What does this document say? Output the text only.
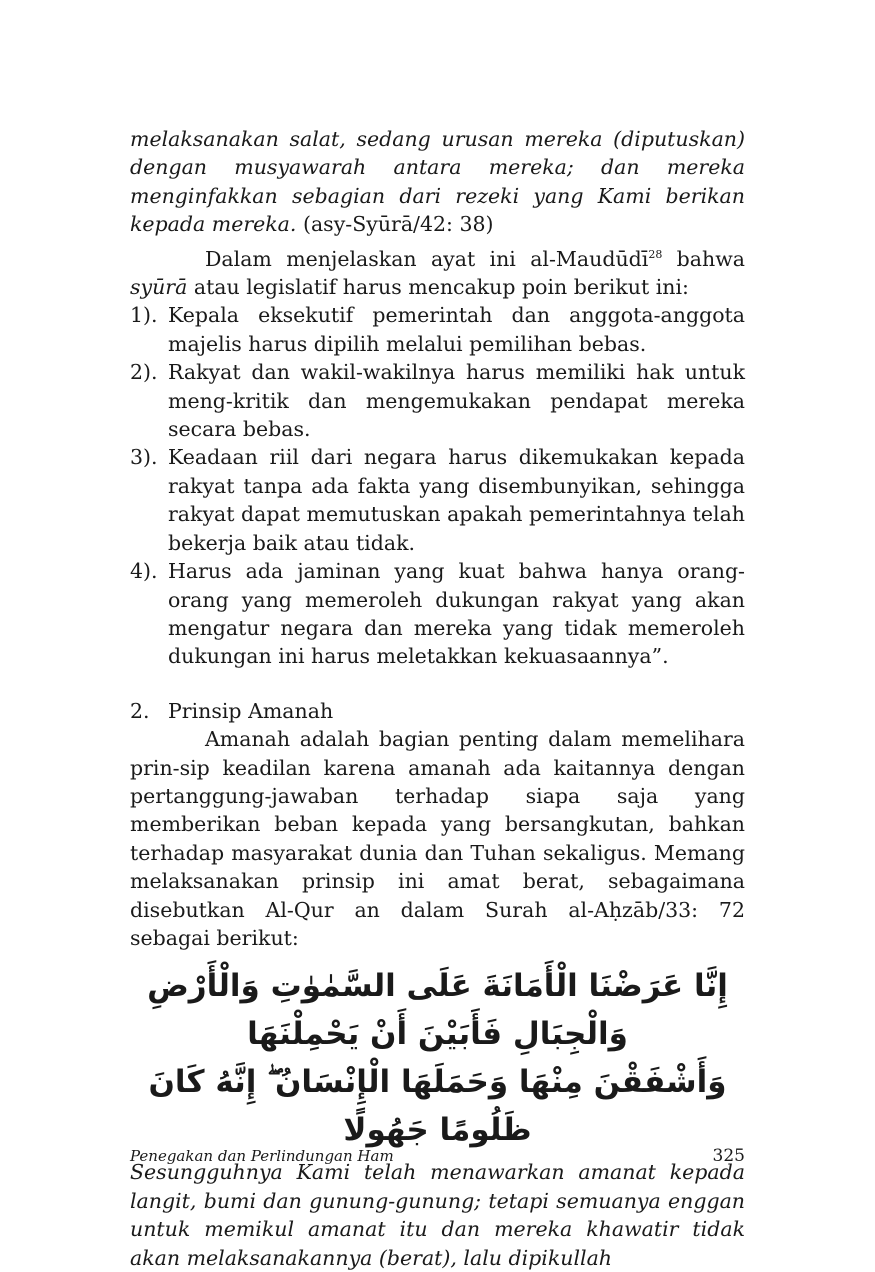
melaksanakan salat, sedang urusan mereka (diputuskan) dengan musyawarah antara mereka; dan mereka menginfakkan sebagian dari rezeki yang Kami berikan kepada mereka. (asy-Syūrā/42: 38)

Dalam menjelaskan ayat ini al-Maudūdī$^{28}$ bahwa syūrā atau legislatif harus mencakup poin berikut ini:

1). Kepala eksekutif pemerintah dan anggota-anggota majelis harus dipilih melalui pemilihan bebas.
2). Rakyat dan wakil-wakilnya harus memiliki hak untuk meng-kritik dan mengemukakan pendapat mereka secara bebas.
3). Keadaan riil dari negara harus dikemukakan kepada rakyat tanpa ada fakta yang disembunyikan, sehingga rakyat dapat memutuskan apakah pemerintahnya telah bekerja baik atau tidak.
4). Harus ada jaminan yang kuat bahwa hanya orang-orang yang memeroleh dukungan rakyat yang akan mengatur negara dan mereka yang tidak memeroleh dukungan ini harus meletakkan kekuasaannya”.
2. Prinsip Amanah

Amanah adalah bagian penting dalam memelihara prin-sip keadilan karena amanah ada kaitannya dengan pertanggung-jawaban terhadap siapa saja yang memberikan beban kepada yang bersangkutan, bahkan terhadap masyarakat dunia dan Tuhan sekaligus. Memang melaksanakan prinsip ini amat berat, sebagaimana disebutkan Al-Qur an dalam Surah al-Aḥzāb/33: 72 sebagai berikut:

إِنَّا عَرَضْنَا الْأَمَانَةَ عَلَى السَّمٰوٰتِ وَالْأَرْضِ وَالْجِبَالِ فَأَبَيْنَ أَنْ يَحْمِلْنَهَا
وَأَشْفَقْنَ مِنْهَا وَحَمَلَهَا الْإِنْسَانُ ۖ إِنَّهُ كَانَ ظَلُومًا جَهُولًا

Sesungguhnya Kami telah menawarkan amanat kepada langit, bumi dan gunung-gunung; tetapi semuanya enggan untuk memikul amanat itu dan mereka khawatir tidak akan melaksanakannya (berat), lalu dipikullah

Penegakan dan Perlindungan Ham	325
